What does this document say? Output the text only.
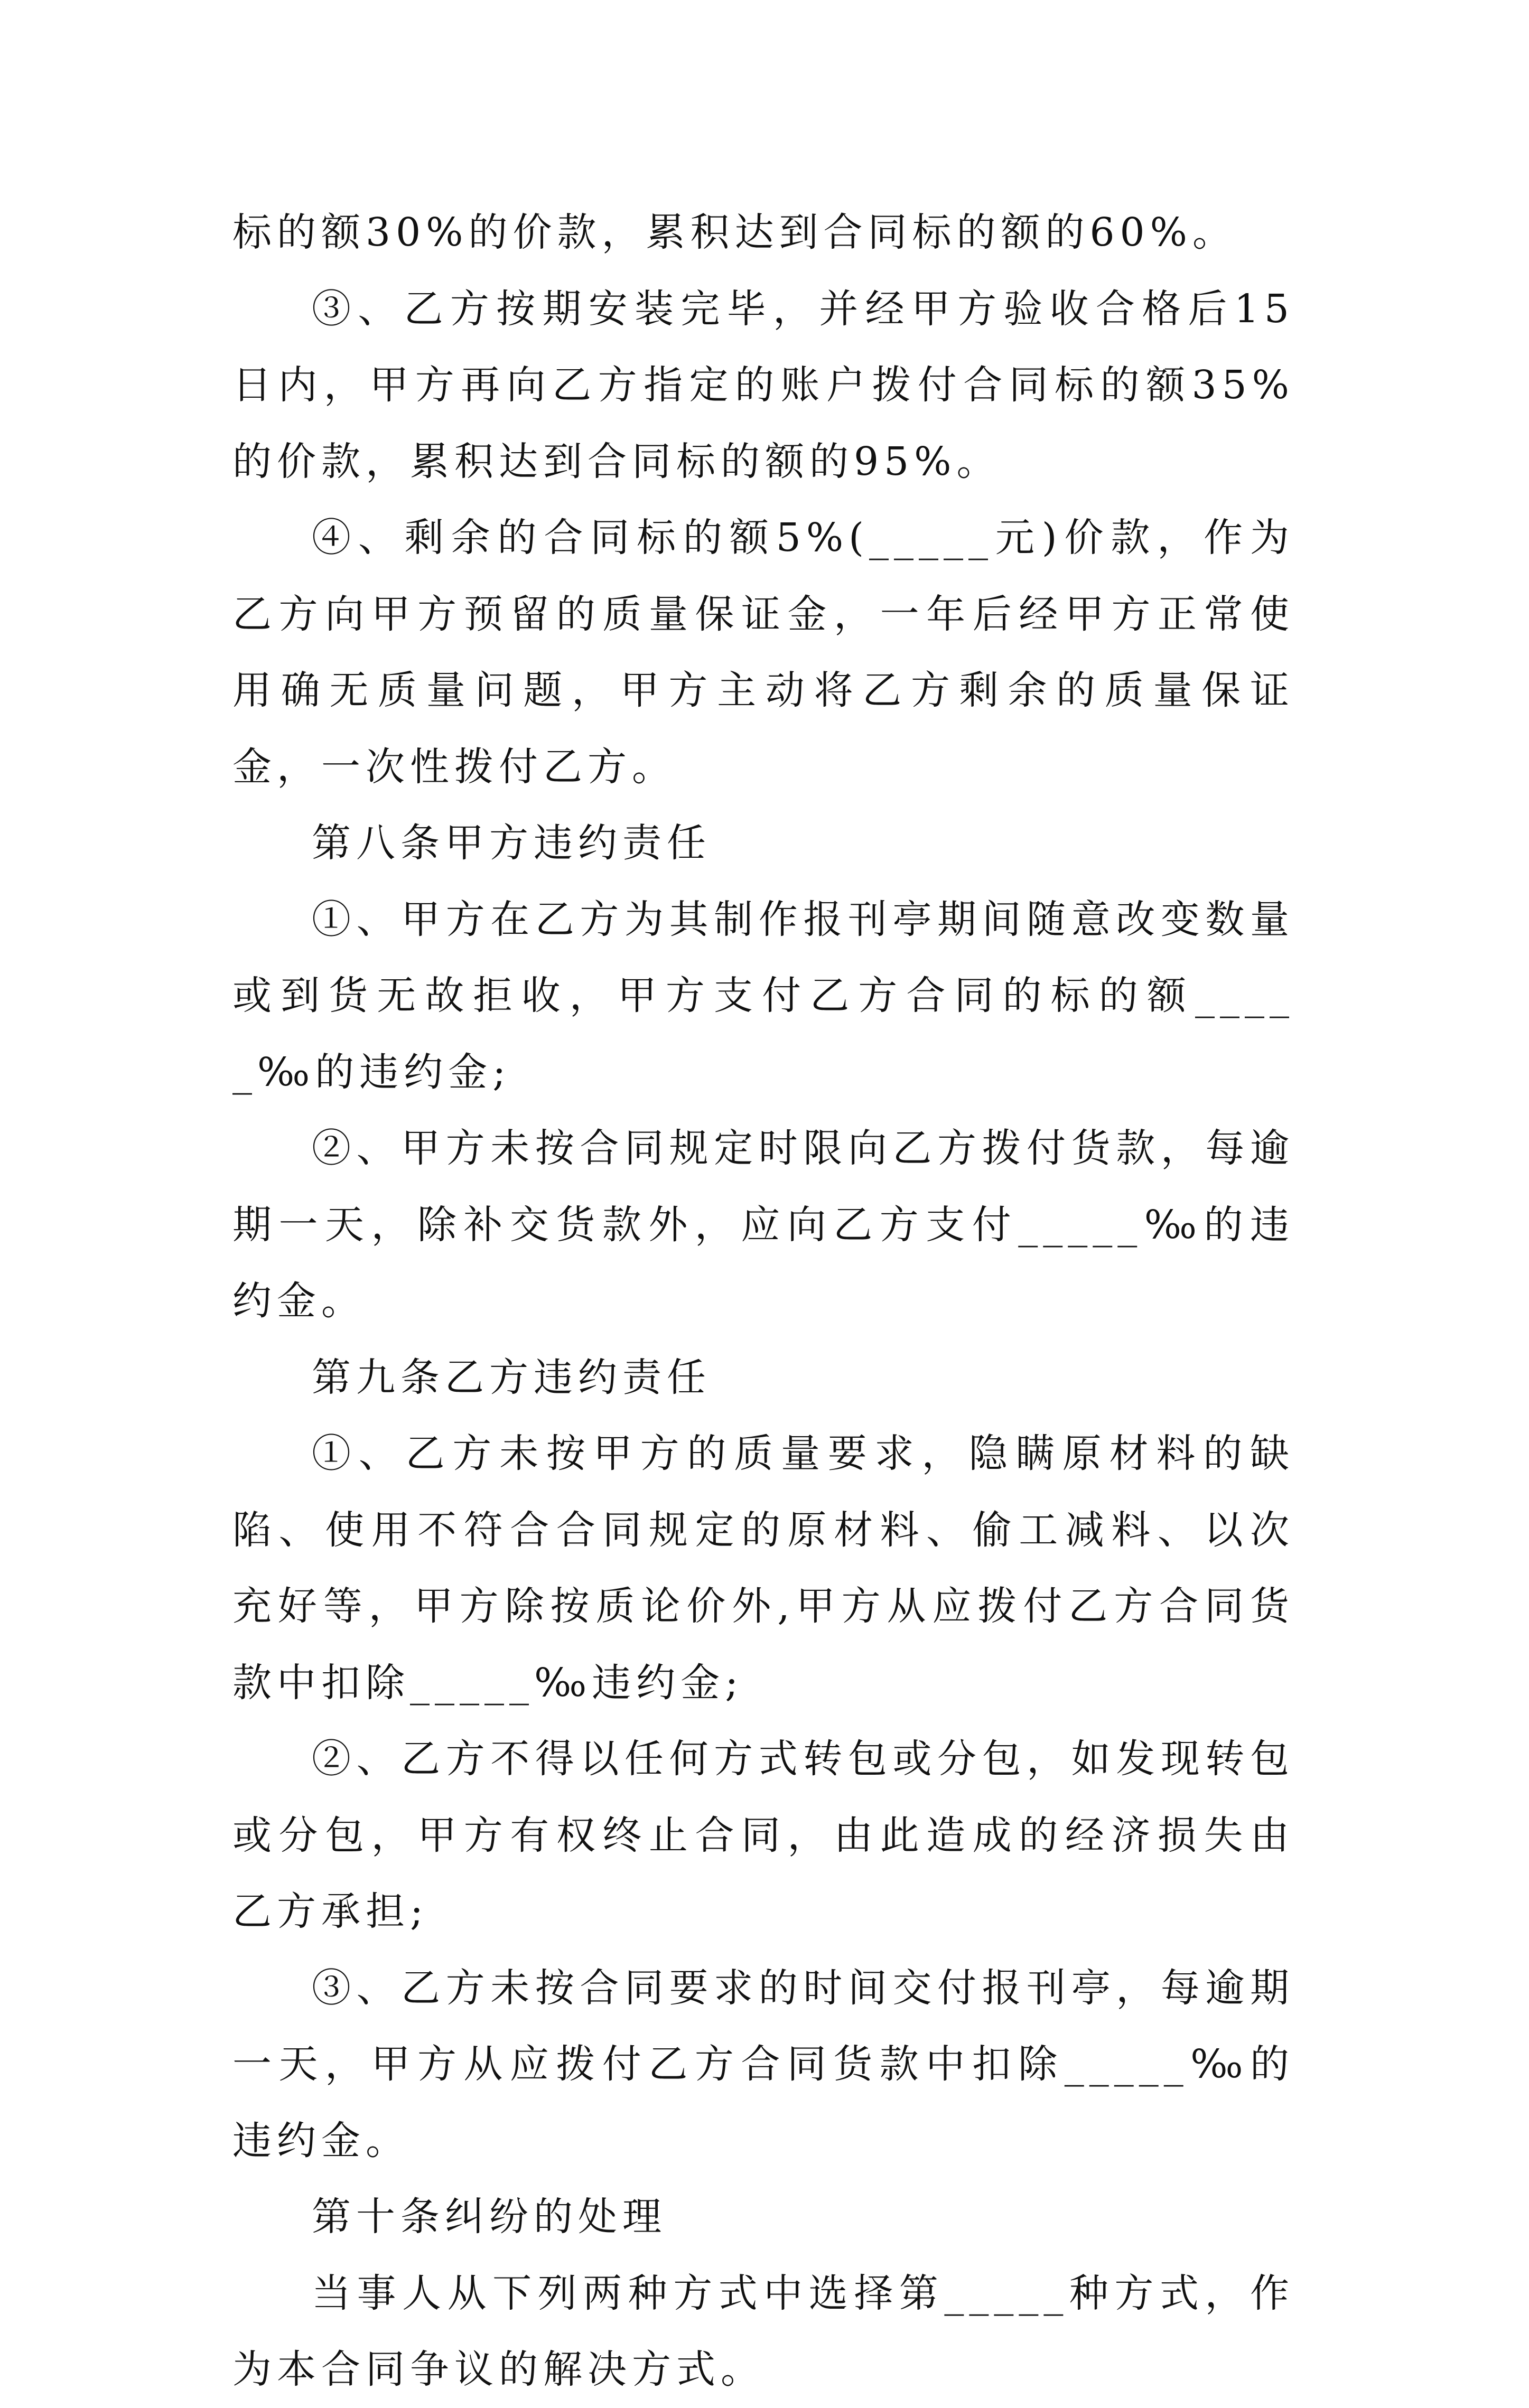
标的额30%的价款，累积达到合同标的额的60%。

③、乙方按期安装完毕，并经甲方验收合格后15日内，甲方再向乙方指定的账户拨付合同标的额35%的价款，累积达到合同标的额的95%。

④、剩余的合同标的额5%(_____元)价款，作为乙方向甲方预留的质量保证金，一年后经甲方正常使用确无质量问题，甲方主动将乙方剩余的质量保证金，一次性拨付乙方。

第八条甲方违约责任

①、甲方在乙方为其制作报刊亭期间随意改变数量或到货无故拒收，甲方支付乙方合同的标的额_____‰的违约金;

②、甲方未按合同规定时限向乙方拨付货款，每逾期一天，除补交货款外，应向乙方支付_____‰的违约金。

第九条乙方违约责任

①、乙方未按甲方的质量要求，隐瞒原材料的缺陷、使用不符合合同规定的原材料、偷工减料、以次充好等，甲方除按质论价外,甲方从应拨付乙方合同货款中扣除_____‰违约金;

②、乙方不得以任何方式转包或分包，如发现转包或分包，甲方有权终止合同，由此造成的经济损失由乙方承担;

③、乙方未按合同要求的时间交付报刊亭，每逾期一天，甲方从应拨付乙方合同货款中扣除_____‰的违约金。

第十条纠纷的处理

当事人从下列两种方式中选择第_____种方式，作为本合同争议的解决方式。
